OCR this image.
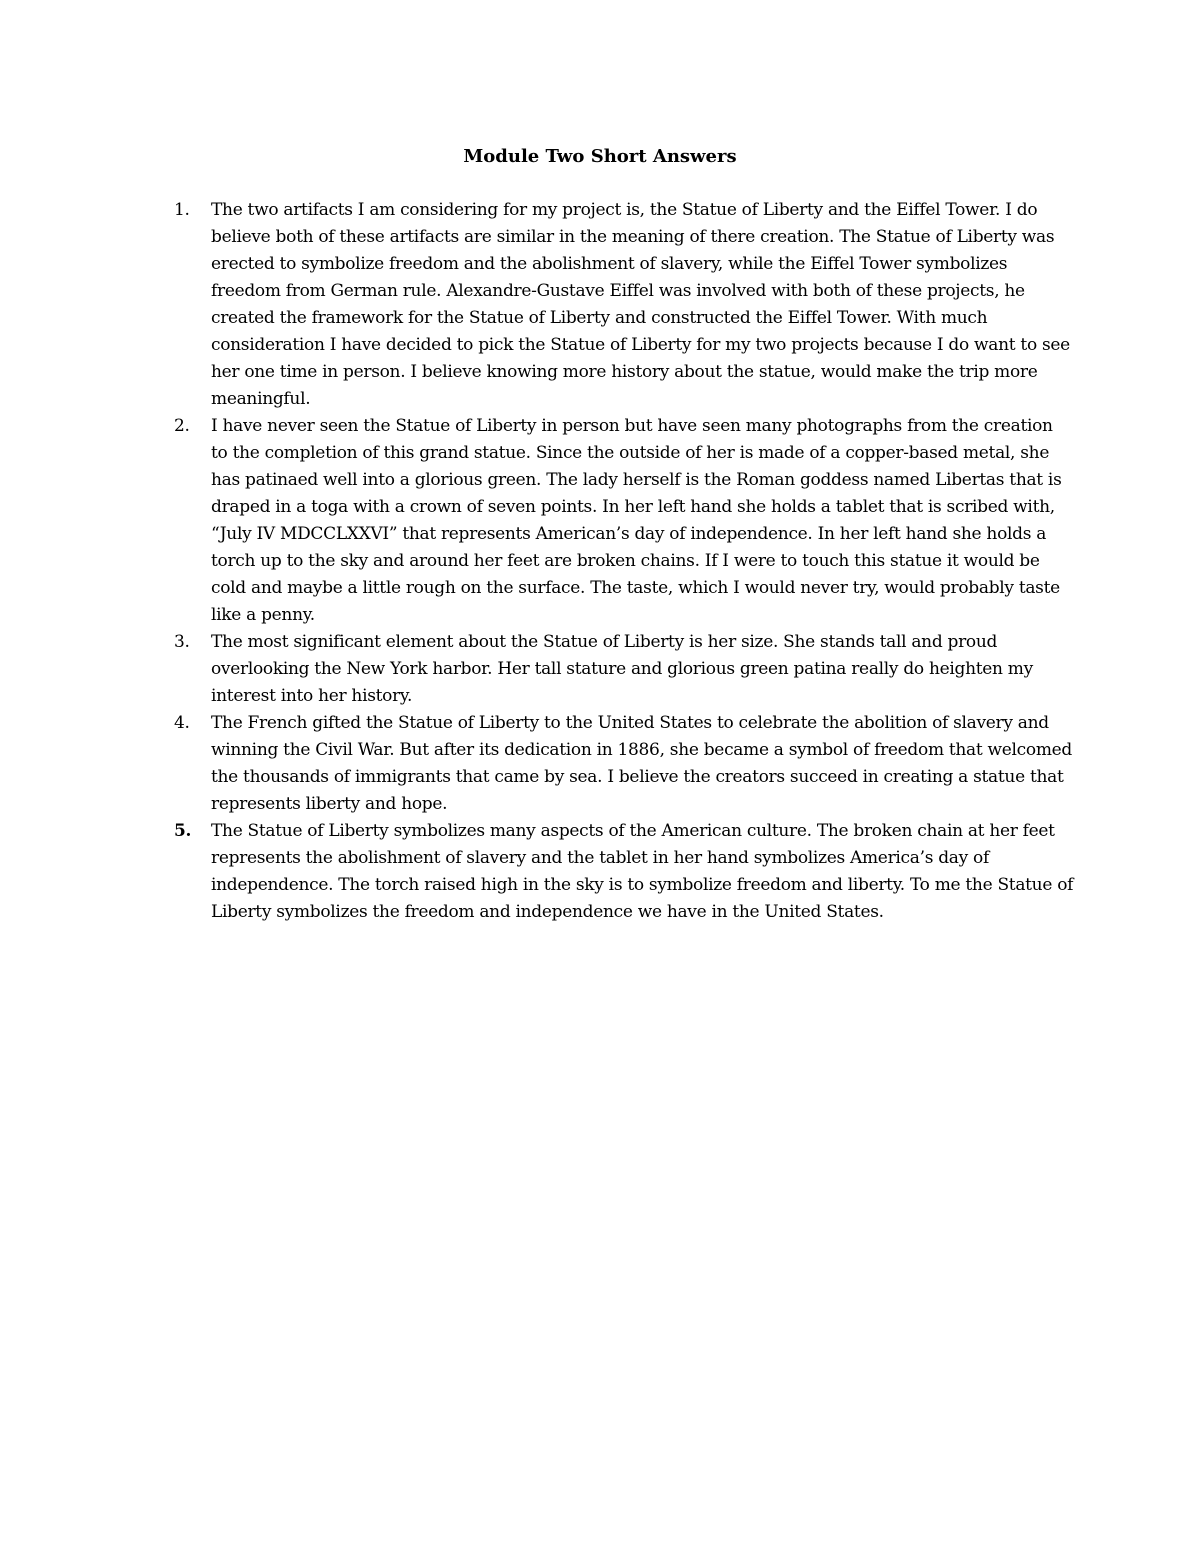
Module Two Short Answers
1. The two artifacts I am considering for my project is, the Statue of Liberty and the Eiffel Tower. I do believe both of these artifacts are similar in the meaning of there creation. The Statue of Liberty was erected to symbolize freedom and the abolishment of slavery, while the Eiffel Tower symbolizes freedom from German rule. Alexandre-Gustave Eiffel was involved with both of these projects, he created the framework for the Statue of Liberty and constructed the Eiffel Tower. With much consideration I have decided to pick the Statue of Liberty for my two projects because I do want to see her one time in person. I believe knowing more history about the statue, would make the trip more meaningful.
2. I have never seen the Statue of Liberty in person but have seen many photographs from the creation to the completion of this grand statue. Since the outside of her is made of a copper-based metal, she has patinaed well into a glorious green. The lady herself is the Roman goddess named Libertas that is draped in a toga with a crown of seven points. In her left hand she holds a tablet that is scribed with, “July IV MDCCLXXVI” that represents American’s day of independence. In her left hand she holds a torch up to the sky and around her feet are broken chains. If I were to touch this statue it would be cold and maybe a little rough on the surface. The taste, which I would never try, would probably taste like a penny.
3. The most significant element about the Statue of Liberty is her size. She stands tall and proud overlooking the New York harbor. Her tall stature and glorious green patina really do heighten my interest into her history.
4. The French gifted the Statue of Liberty to the United States to celebrate the abolition of slavery and winning the Civil War. But after its dedication in 1886, she became a symbol of freedom that welcomed the thousands of immigrants that came by sea. I believe the creators succeed in creating a statue that represents liberty and hope.
5. The Statue of Liberty symbolizes many aspects of the American culture. The broken chain at her feet represents the abolishment of slavery and the tablet in her hand symbolizes America’s day of independence. The torch raised high in the sky is to symbolize freedom and liberty. To me the Statue of Liberty symbolizes the freedom and independence we have in the United States.
